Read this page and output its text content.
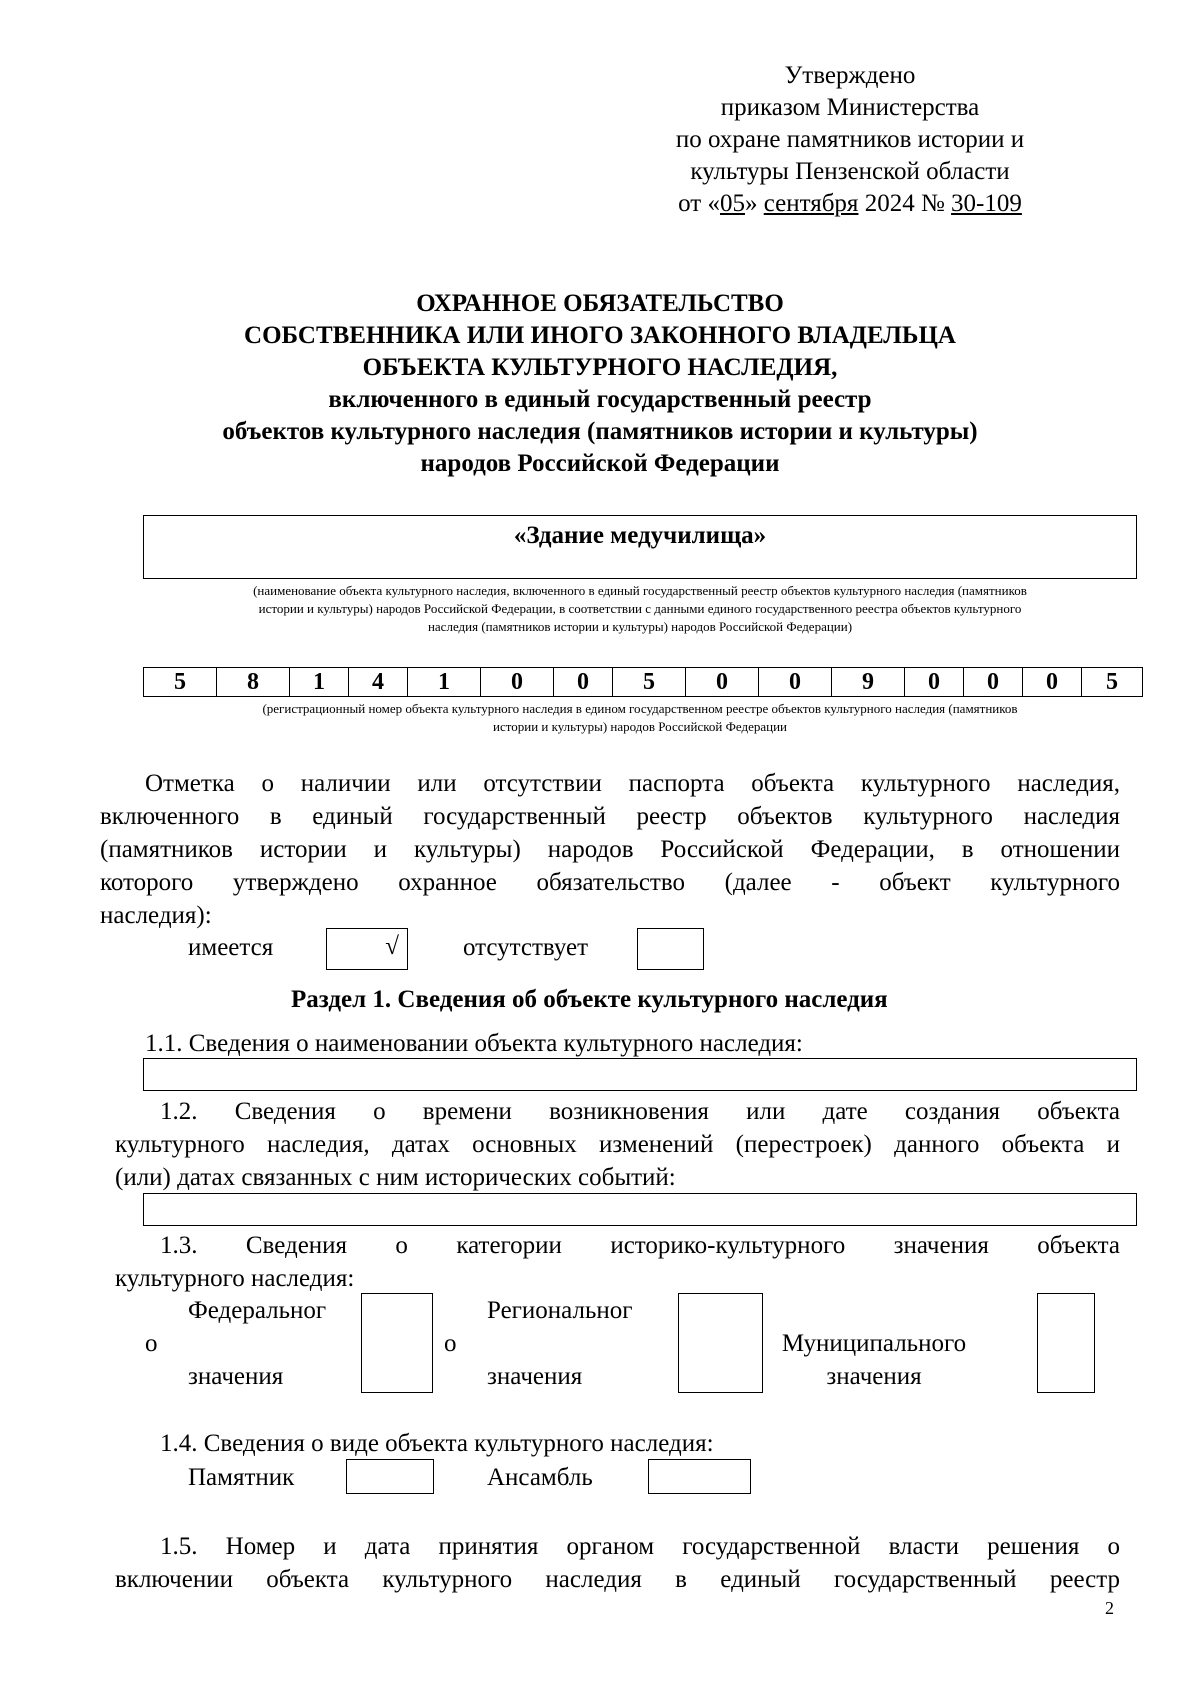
Утверждено
приказом Министерства
по охране памятников истории и
культуры Пензенской области
от «05» сентября 2024 № 30-109
ОХРАННОЕ ОБЯЗАТЕЛЬСТВО
СОБСТВЕННИКА ИЛИ ИНОГО ЗАКОННОГО ВЛАДЕЛЬЦА
ОБЪЕКТА КУЛЬТУРНОГО НАСЛЕДИЯ,
включенного в единый государственный реестр
объектов культурного наследия (памятников истории и культуры)
народов Российской Федерации
«Здание медучилища»
(наименование объекта культурного наследия, включенного в единый государственный реестр объектов культурного наследия (памятников
истории и культуры) народов Российской Федерации, в соответствии с данными единого государственного реестра объектов культурного
наследия (памятников истории и культуры) народов Российской Федерации)
5	8	1	4	1	0	0	5	0	0	9	0	0	0	5
(регистрационный номер объекта культурного наследия в едином государственном реестре объектов культурного наследия (памятников
истории и культуры) народов Российской Федерации
Отметка о наличии или отсутствии паспорта объекта культурного наследия,
включенного в единый государственный реестр объектов культурного наследия
(памятников истории и культуры) народов Российской Федерации, в отношении
которого утверждено охранное обязательство (далее - объект культурного
наследия):
имеется	√	отсутствует
Раздел 1. Сведения об объекте культурного наследия
1.1. Сведения о наименовании объекта культурного наследия:
1.2. Сведения о времени возникновения или дате создания объекта
культурного наследия, датах основных изменений (перестроек) данного объекта и
(или) датах связанных с ним исторических событий:
1.3. Сведения о категории историко-культурного значения объекта
культурного наследия:
Федеральног
о
значения
Региональног
о
значения
Муниципального
значения
1.4. Сведения о виде объекта культурного наследия:
Памятник	Ансамбль
1.5. Номер и дата принятия органом государственной власти решения о
включении объекта культурного наследия в единый государственный реестр
2
